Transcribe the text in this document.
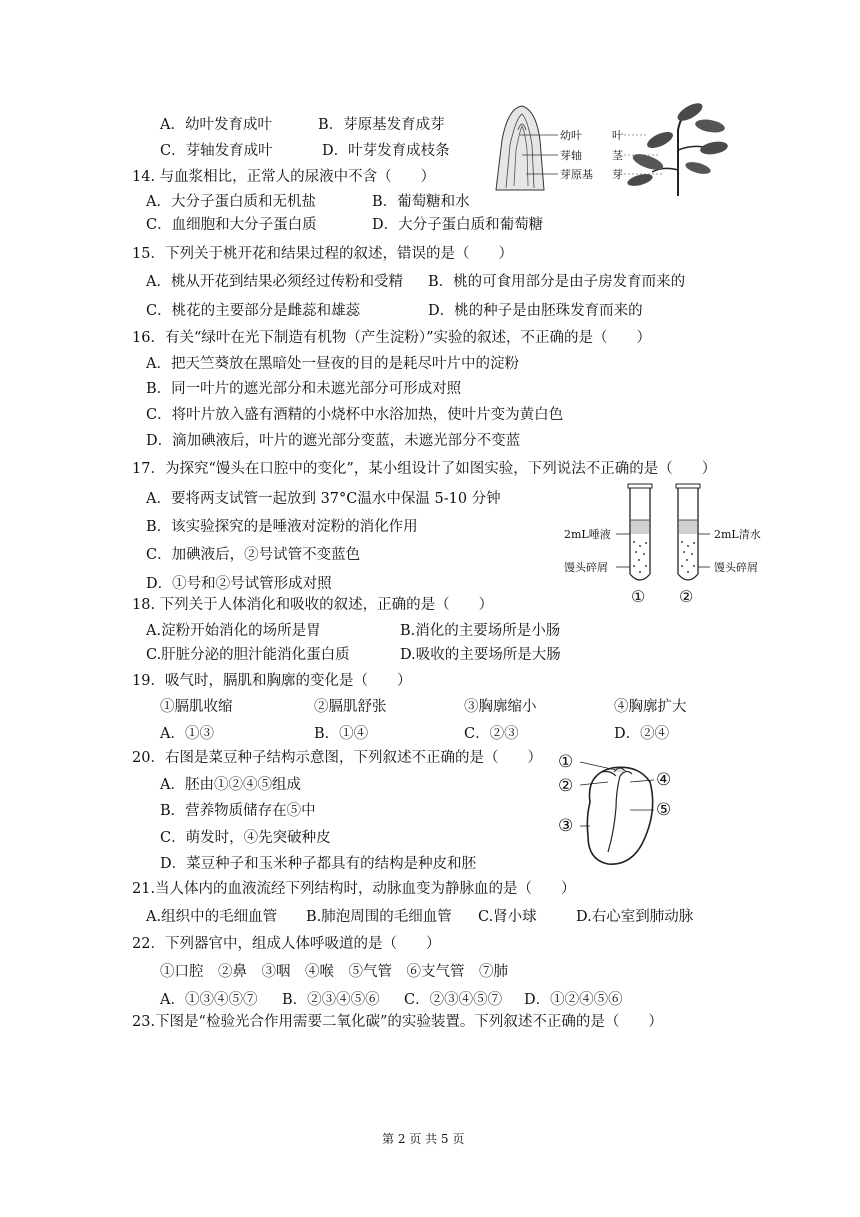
A．幼叶发育成叶	B．芽原基发育成芽
C．芽轴发育成叶	D．叶芽发育成枝条
幼叶
芽轴
芽原基
叶
茎
芽
14. 与血浆相比，正常人的尿液中不含（　　）
A．大分子蛋白质和无机盐	B．葡萄糖和水
C．血细胞和大分子蛋白质	D．大分子蛋白质和葡萄糖
15．下列关于桃开花和结果过程的叙述，错误的是（　　）
A．桃从开花到结果必须经过传粉和受精 B．桃的可食用部分是由子房发育而来的
C．桃花的主要部分是雌蕊和雄蕊	D．桃的种子是由胚珠发育而来的
16．有关“绿叶在光下制造有机物（产生淀粉）”实验的叙述，不正确的是（　　）
A．把天竺葵放在黑暗处一昼夜的目的是耗尽叶片中的淀粉
B．同一叶片的遮光部分和未遮光部分可形成对照
C．将叶片放入盛有酒精的小烧杯中水浴加热，使叶片变为黄白色
D．滴加碘液后，叶片的遮光部分变蓝，未遮光部分不变蓝
17．为探究“馒头在口腔中的变化”，某小组设计了如图实验，下列说法不正确的是（　　）
A．要将两支试管一起放到 37°C温水中保温 5-10 分钟
B．该实验探究的是唾液对淀粉的消化作用
C．加碘液后，②号试管不变蓝色
D．①号和②号试管形成对照
2mL唾液
馒头碎屑
2mL清水
馒头碎屑
① ②
18. 下列关于人体消化和吸收的叙述，正确的是（　　）
A.淀粉开始消化的场所是胃	B.消化的主要场所是小肠
C.肝脏分泌的胆汁能消化蛋白质	D.吸收的主要场所是大肠
19．吸气时，膈肌和胸廓的变化是（　　）
①膈肌收缩	②膈肌舒张	③胸廓缩小	④胸廓扩大
A．①③	B．①④	C．②③	D．②④
20．右图是菜豆种子结构示意图，下列叙述不正确的是（　　）
A．胚由①②④⑤组成
B．营养物质储存在⑤中
C．萌发时，④先突破种皮
D．菜豆种子和玉米种子都具有的结构是种皮和胚
①
②
③
④
⑤
21.当人体内的血液流经下列结构时，动脉血变为静脉血的是（　　）
A.组织中的毛细血管 B.肺泡周围的毛细血管 C.肾小球	D.右心室到肺动脉
22．下列器官中，组成人体呼吸道的是（　　）
①口腔　②鼻　③咽　④喉　⑤气管　⑥支气管　⑦肺
A．①③④⑤⑦ B．②③④⑤⑥ C．②③④⑤⑦ D．①②④⑤⑥
23.下图是“检验光合作用需要二氧化碳”的实验装置。下列叙述不正确的是（　　）
第 2 页 共 5 页
